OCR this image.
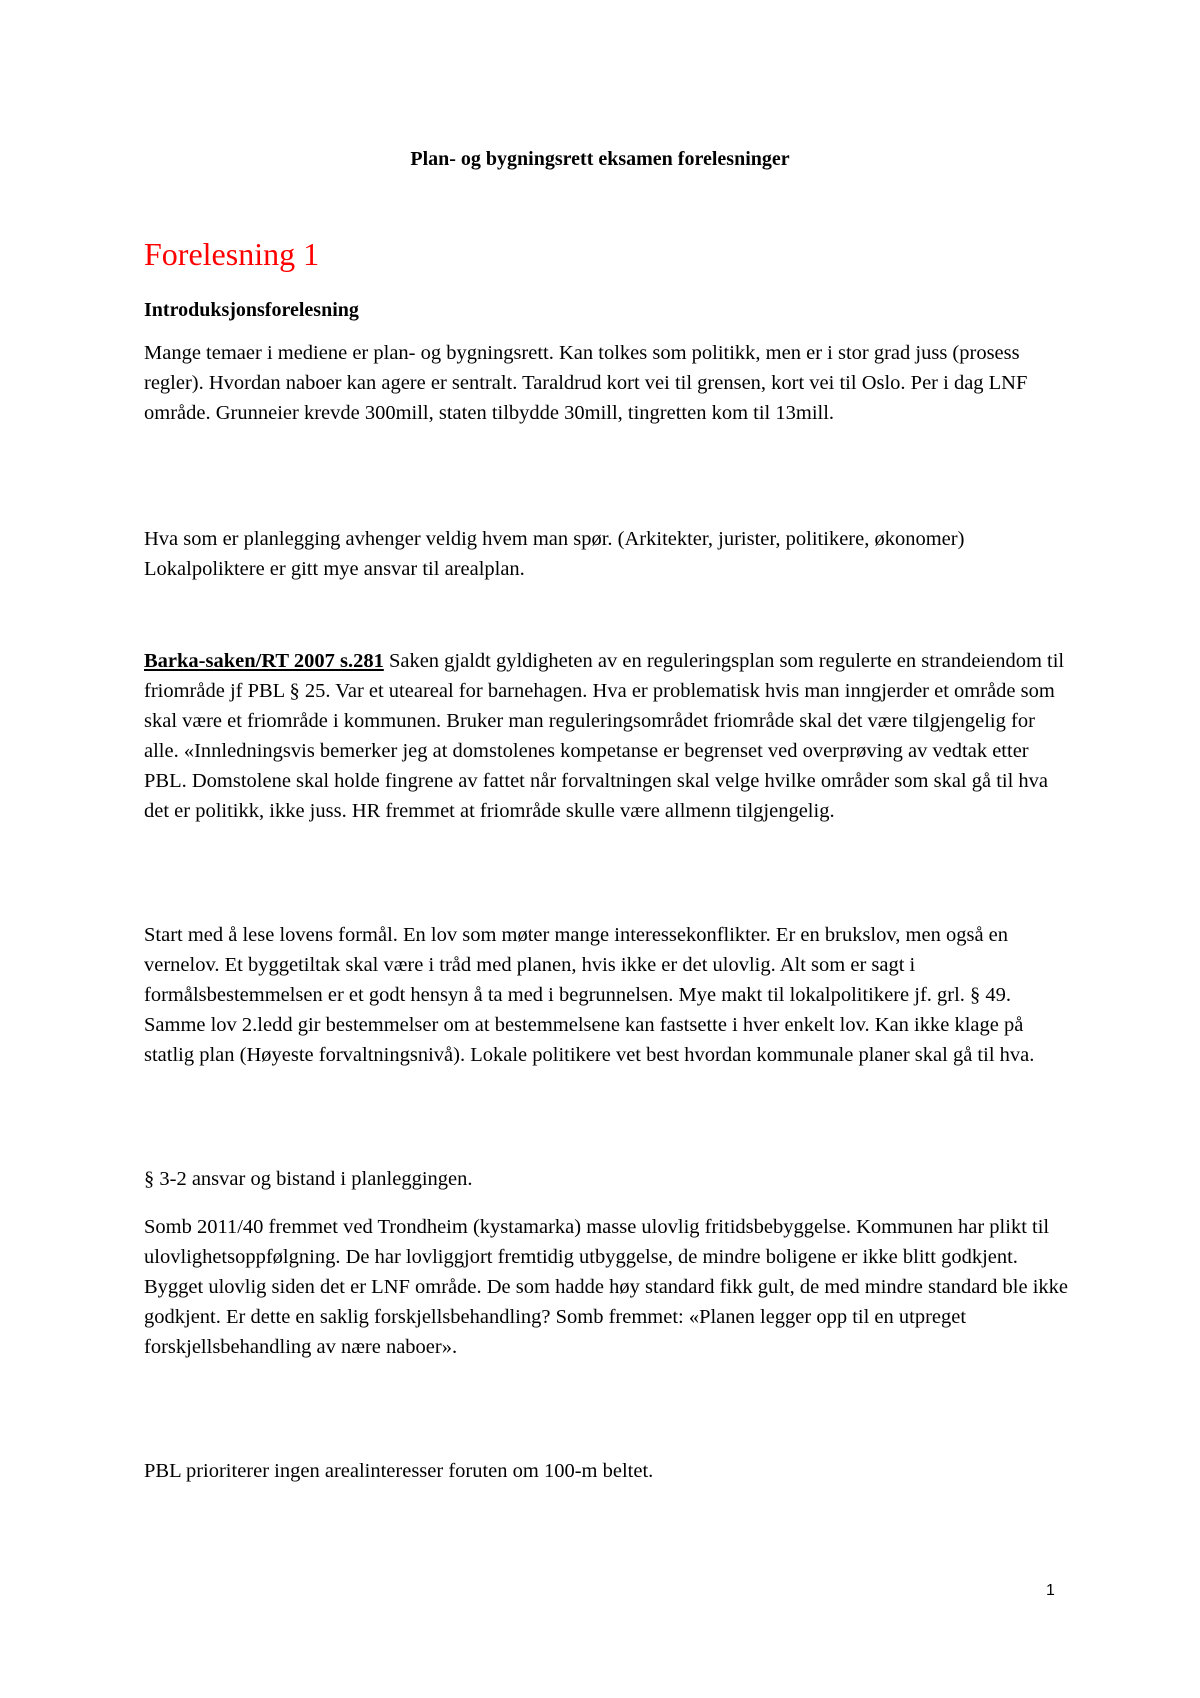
Plan- og bygningsrett eksamen forelesninger
Forelesning 1
Introduksjonsforelesning

Mange temaer i mediene er plan- og bygningsrett. Kan tolkes som politikk, men er i stor grad juss (prosess regler). Hvordan naboer kan agere er sentralt. Taraldrud kort vei til grensen, kort vei til Oslo. Per i dag LNF område. Grunneier krevde 300mill, staten tilbydde 30mill, tingretten kom til 13mill.

Hva som er planlegging avhenger veldig hvem man spør. (Arkitekter, jurister, politikere, økonomer) Lokalpoliktere er gitt mye ansvar til arealplan.

Barka-saken/RT 2007 s.281 Saken gjaldt gyldigheten av en reguleringsplan som regulerte en strandeiendom til friområde jf PBL § 25. Var et uteareal for barnehagen. Hva er problematisk hvis man inngjerder et område som skal være et friområde i kommunen. Bruker man reguleringsområdet friområde skal det være tilgjengelig for alle. «Innledningsvis bemerker jeg at domstolenes kompetanse er begrenset ved overprøving av vedtak etter PBL. Domstolene skal holde fingrene av fattet når forvaltningen skal velge hvilke områder som skal gå til hva det er politikk, ikke juss. HR fremmet at friområde skulle være allmenn tilgjengelig.

Start med å lese lovens formål. En lov som møter mange interessekonflikter. Er en brukslov, men også en vernelov. Et byggetiltak skal være i tråd med planen, hvis ikke er det ulovlig. Alt som er sagt i formålsbestemmelsen er et godt hensyn å ta med i begrunnelsen. Mye makt til lokalpolitikere jf. grl. § 49. Samme lov 2.ledd gir bestemmelser om at bestemmelsene kan fastsette i hver enkelt lov. Kan ikke klage på statlig plan (Høyeste forvaltningsnivå). Lokale politikere vet best hvordan kommunale planer skal gå til hva.

§ 3-2 ansvar og bistand i planleggingen.

Somb 2011/40 fremmet ved Trondheim (kystamarka) masse ulovlig fritidsbebyggelse. Kommunen har plikt til ulovlighetsoppfølgning. De har lovliggjort fremtidig utbyggelse, de mindre boligene er ikke blitt godkjent. Bygget ulovlig siden det er LNF område. De som hadde høy standard fikk gult, de med mindre standard ble ikke godkjent. Er dette en saklig forskjellsbehandling? Somb fremmet: «Planen legger opp til en utpreget forskjellsbehandling av nære naboer».

PBL prioriterer ingen arealinteresser foruten om 100-m beltet.

1
